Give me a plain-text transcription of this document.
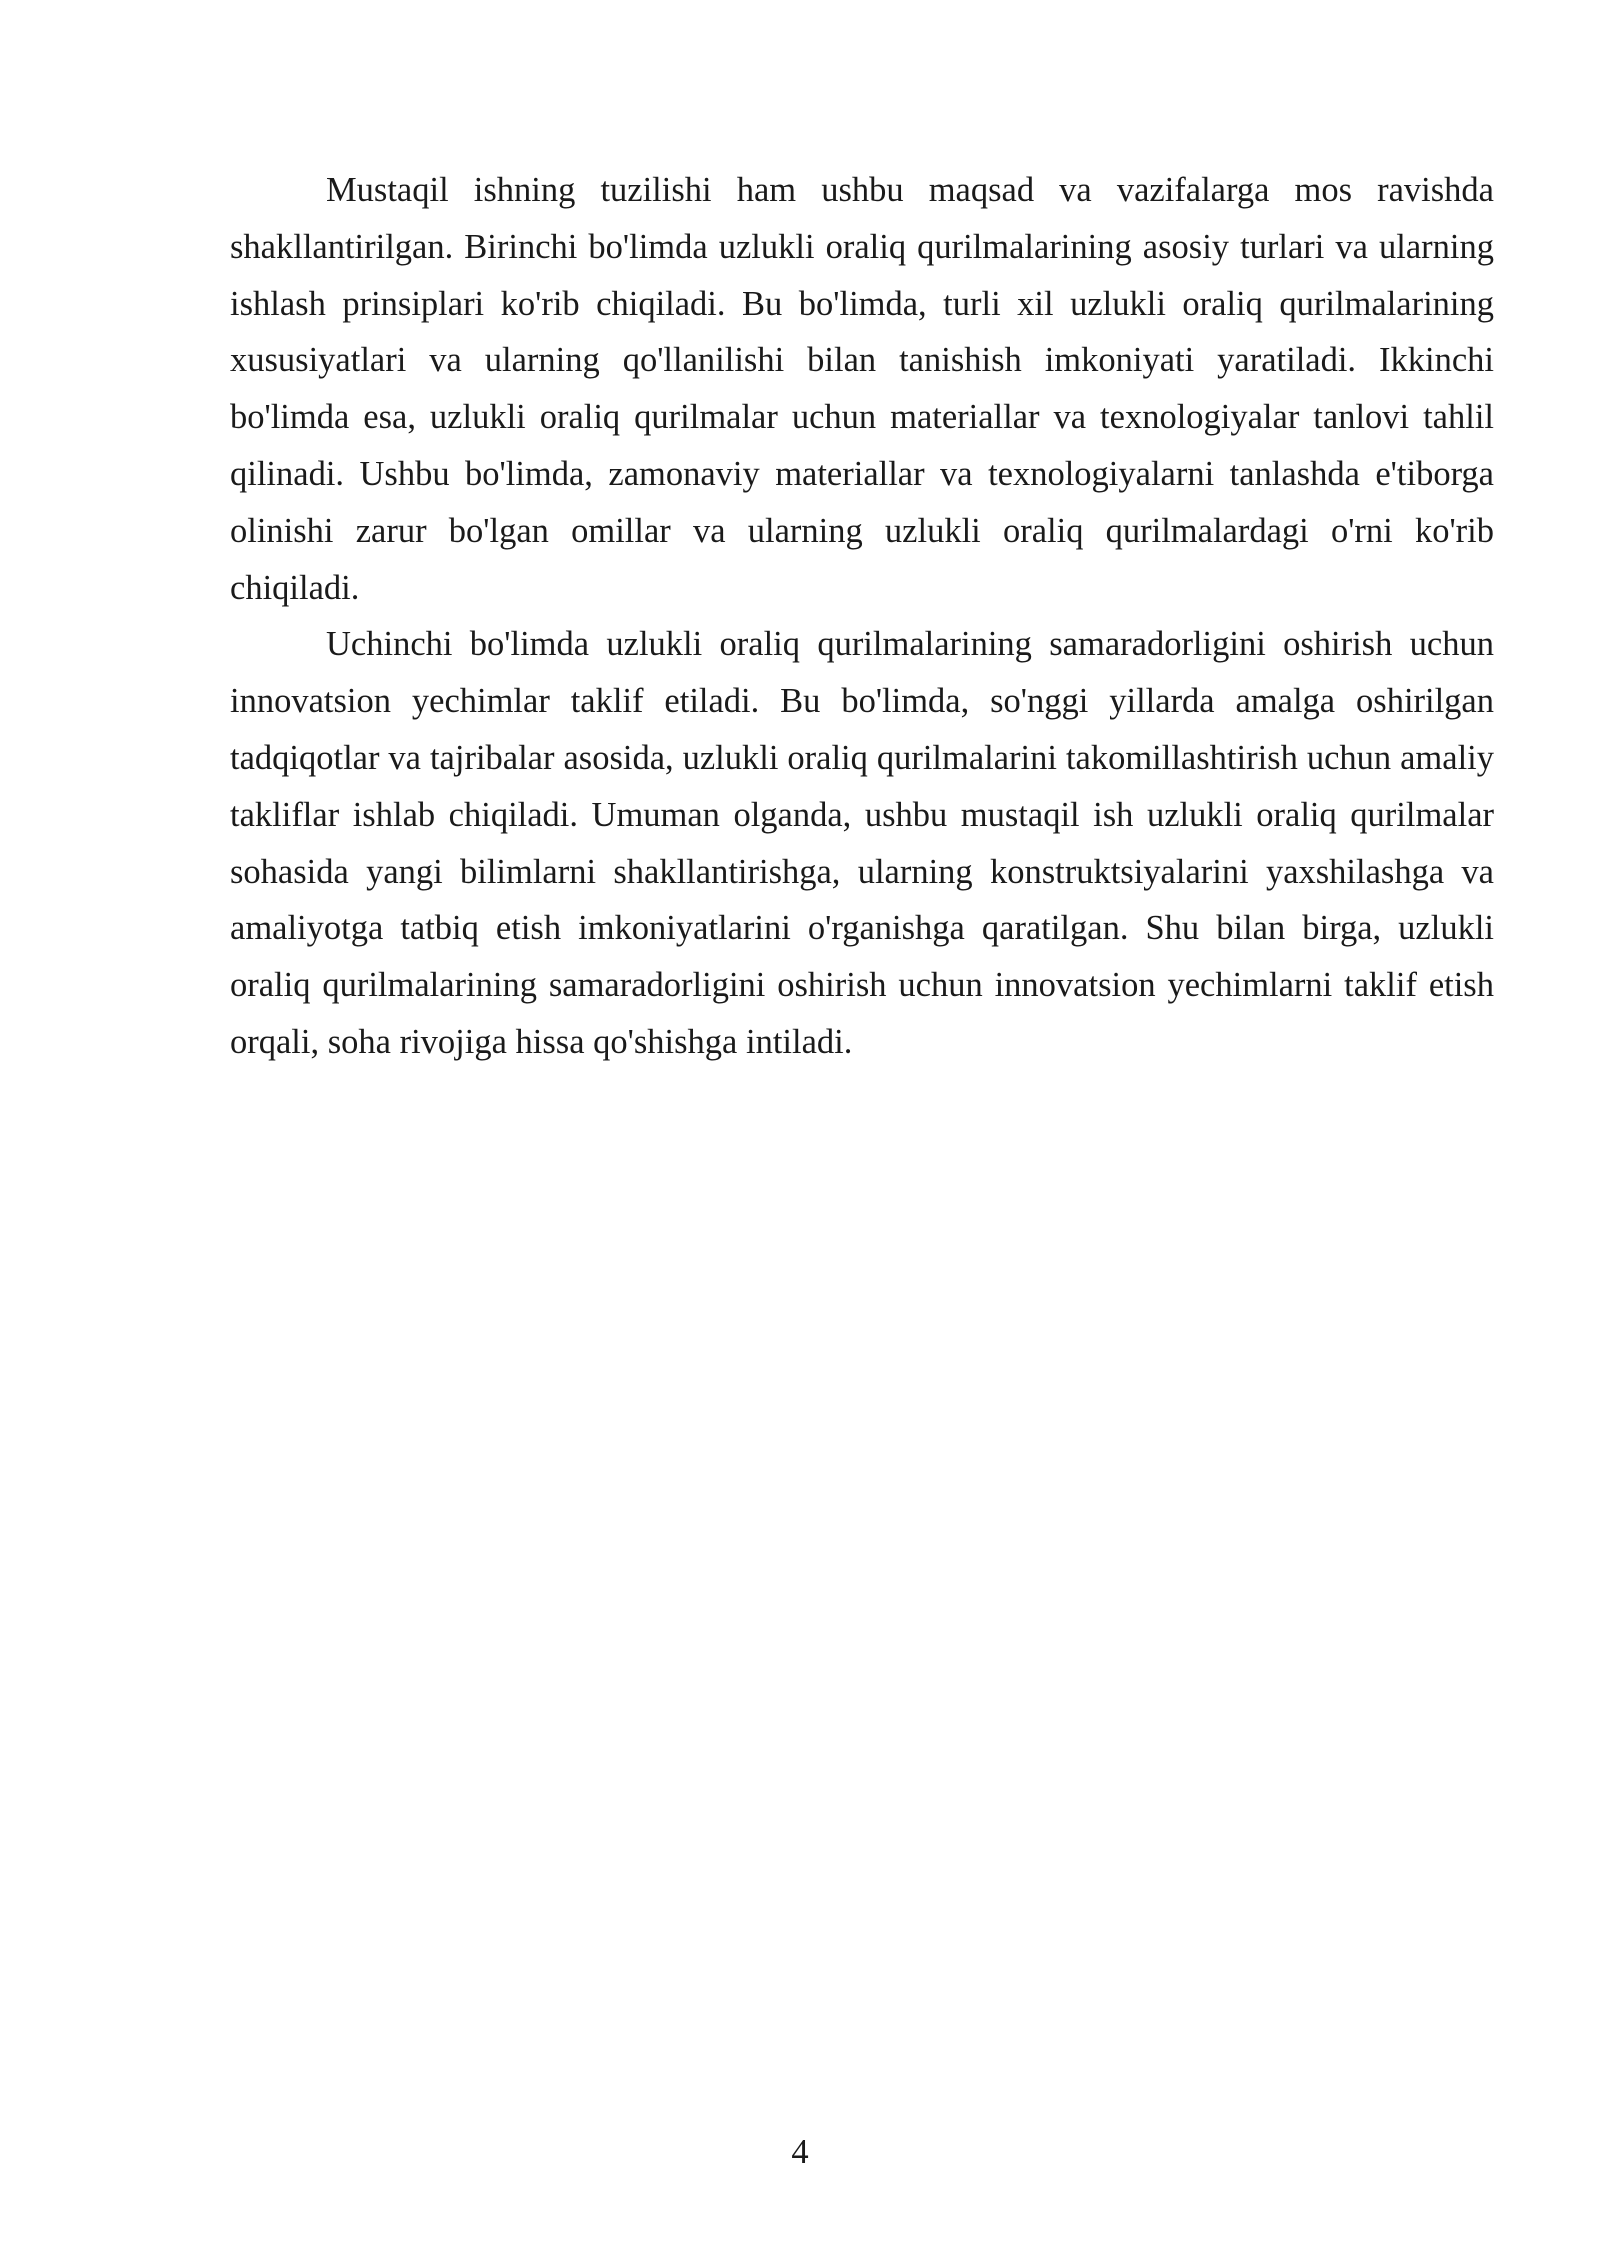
Mustaqil ishning tuzilishi ham ushbu maqsad va vazifalarga mos ravishda shakllantirilgan. Birinchi bo'limda uzlukli oraliq qurilmalarining asosiy turlari va ularning ishlash prinsiplari ko'rib chiqiladi. Bu bo'limda, turli xil uzlukli oraliq qurilmalarining xususiyatlari va ularning qo'llanilishi bilan tanishish imkoniyati yaratiladi. Ikkinchi bo'limda esa, uzlukli oraliq qurilmalar uchun materiallar va texnologiyalar tanlovi tahlil qilinadi. Ushbu bo'limda, zamonaviy materiallar va texnologiyalarni tanlashda e'tiborga olinishi zarur bo'lgan omillar va ularning uzlukli oraliq qurilmalardagi o'rni ko'rib chiqiladi.

Uchinchi bo'limda uzlukli oraliq qurilmalarining samaradorligini oshirish uchun innovatsion yechimlar taklif etiladi. Bu bo'limda, so'nggi yillarda amalga oshirilgan tadqiqotlar va tajribalar asosida, uzlukli oraliq qurilmalarini takomillashtirish uchun amaliy takliflar ishlab chiqiladi. Umuman olganda, ushbu mustaqil ish uzlukli oraliq qurilmalar sohasida yangi bilimlarni shakllantirishga, ularning konstruktsiyalarini yaxshilashga va amaliyotga tatbiq etish imkoniyatlarini o'rganishga qaratilgan. Shu bilan birga, uzlukli oraliq qurilmalarining samaradorligini oshirish uchun innovatsion yechimlarni taklif etish orqali, soha rivojiga hissa qo'shishga intiladi.

4
